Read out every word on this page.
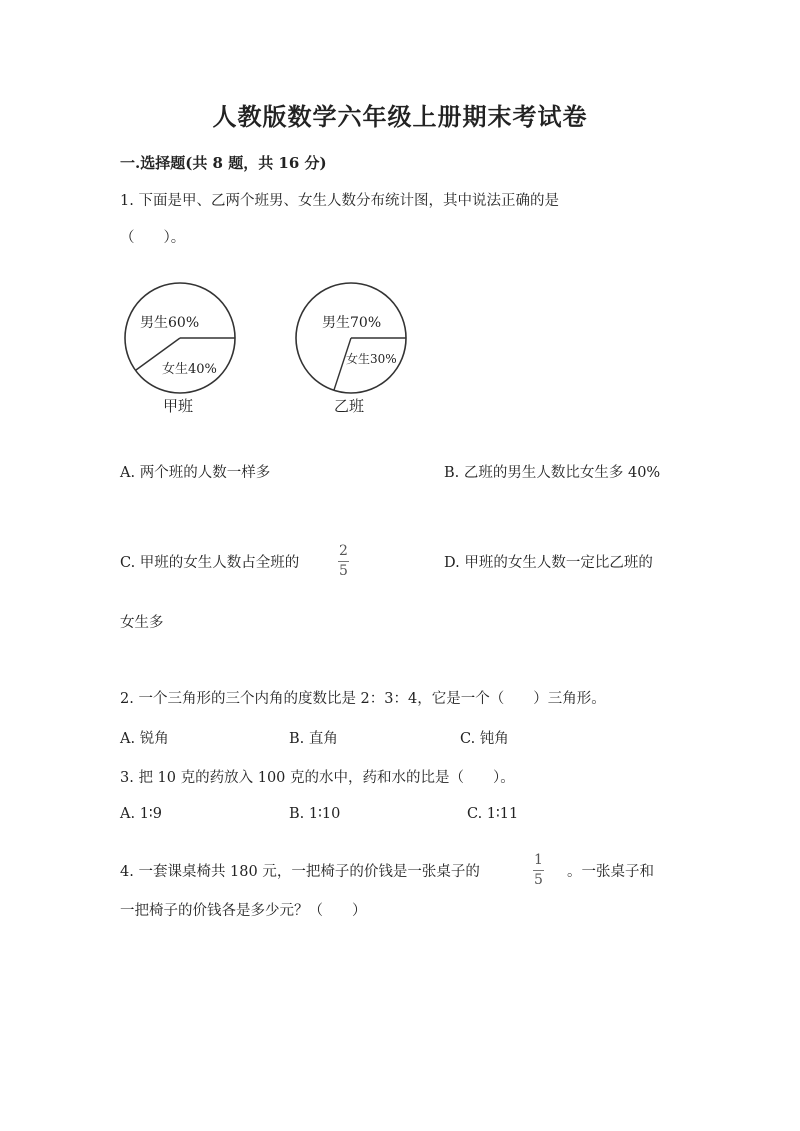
人教版数学六年级上册期末考试卷
一.选择题(共 8 题，共 16 分)
1. 下面是甲、乙两个班男、女生人数分布统计图，其中说法正确的是
（　　）。
男生60%
女生40%
甲班
男生70%
女生30%
乙班
A. 两个班的人数一样多	B. 乙班的男生人数比女生多 40%
C. 甲班的女生人数占全班的
2
5	D. 甲班的女生人数一定比乙班的
女生多
2. 一个三角形的三个内角的度数比是 2：3：4，它是一个（　　）三角形。
A. 锐角	B. 直角	C. 钝角
3. 把 10 克的药放入 100 克的水中，药和水的比是（　　）。
A. 1∶9	B. 1∶10	C. 1∶11
4. 一套课桌椅共 180 元，一把椅子的价钱是一张桌子的
1
5 。一张桌子和
一把椅子的价钱各是多少元？（　　）
